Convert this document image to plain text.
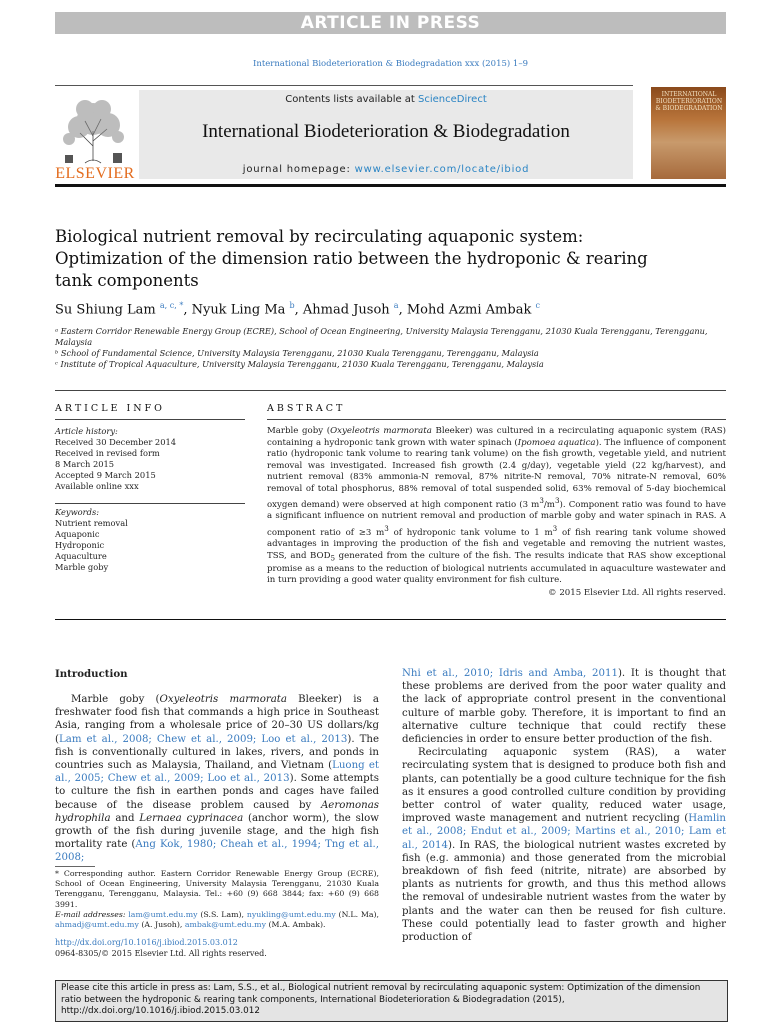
ARTICLE IN PRESS
International Biodeterioration & Biodegradation xxx (2015) 1–9
ELSEVIER
Contents lists available at ScienceDirect
International Biodeterioration & Biodegradation
journal homepage: www.elsevier.com/locate/ibiod
INTERNATIONAL BIODETERIORATION & BIODEGRADATION
Biological nutrient removal by recirculating aquaponic system: Optimization of the dimension ratio between the hydroponic & rearing tank components
Su Shiung Lam $^{a, c, *}$, Nyuk Ling Ma $^b$, Ahmad Jusoh $^a$, Mohd Azmi Ambak $^c$
ᵃ Eastern Corridor Renewable Energy Group (ECRE), School of Ocean Engineering, University Malaysia Terengganu, 21030 Kuala Terengganu, Terengganu, Malaysia
ᵇ School of Fundamental Science, University Malaysia Terengganu, 21030 Kuala Terengganu, Terengganu, Malaysia
ᶜ Institute of Tropical Aquaculture, University Malaysia Terengganu, 21030 Kuala Terengganu, Terengganu, Malaysia
ARTICLE INFO	ABSTRACT
Article history:
Received 30 December 2014
Received in revised form
8 March 2015
Accepted 9 March 2015
Available online xxx
Keywords:
Nutrient removal
Aquaponic
Hydroponic
Aquaculture
Marble goby
Marble goby (Oxyeleotris marmorata Bleeker) was cultured in a recirculating aquaponic system (RAS) containing a hydroponic tank grown with water spinach (Ipomoea aquatica). The influence of component ratio (hydroponic tank volume to rearing tank volume) on the fish growth, vegetable yield, and nutrient removal was investigated. Increased fish growth (2.4 g/day), vegetable yield (22 kg/harvest), and nutrient removal (83% ammonia-N removal, 87% nitrite-N removal, 70% nitrate-N removal, 60% removal of total phosphorus, 88% removal of total suspended solid, 63% removal of 5-day biochemical oxygen demand) were observed at high component ratio (3 $m^3/m^3$). Component ratio was found to have a significant influence on nutrient removal and production of marble goby and water spinach in RAS. A component ratio of ≥3 $m^3$ of hydroponic tank volume to 1 $m^3$ of fish rearing tank volume showed advantages in improving the production of the fish and vegetable and removing the nutrient wastes, TSS, and $BOD_5$ generated from the culture of the fish. The results indicate that RAS show exceptional promise as a means to the reduction of biological nutrients accumulated in aquaculture wastewater and in turn providing a good water quality environment for fish culture.
© 2015 Elsevier Ltd. All rights reserved.
Introduction

Marble goby (Oxyeleotris marmorata Bleeker) is a freshwater food fish that commands a high price in Southeast Asia, ranging from a wholesale price of 20–30 US dollars/kg (Lam et al., 2008; Chew et al., 2009; Loo et al., 2013). The fish is conventionally cultured in lakes, rivers, and ponds in countries such as Malaysia, Thailand, and Vietnam (Luong et al., 2005; Chew et al., 2009; Loo et al., 2013). Some attempts to culture the fish in earthen ponds and cages have failed because of the disease problem caused by Aeromonas hydrophila and Lernaea cyprinacea (anchor worm), the slow growth of the fish during juvenile stage, and the high fish mortality rate (Ang Kok, 1980; Cheah et al., 1994; Tng et al., 2008;

* Corresponding author. Eastern Corridor Renewable Energy Group (ECRE), School of Ocean Engineering, University Malaysia Terengganu, 21030 Kuala Terengganu, Terengganu, Malaysia. Tel.: +60 (9) 668 3844; fax: +60 (9) 668 3991.
E-mail addresses: lam@umt.edu.my (S.S. Lam), nyukling@umt.edu.my (N.L. Ma), ahmadj@umt.edu.my (A. Jusoh), ambak@umt.edu.my (M.A. Ambak).
http://dx.doi.org/10.1016/j.ibiod.2015.03.012
0964-8305/© 2015 Elsevier Ltd. All rights reserved.

Nhi et al., 2010; Idris and Amba, 2011). It is thought that these problems are derived from the poor water quality and the lack of appropriate control present in the conventional culture of marble goby. Therefore, it is important to find an alternative culture technique that could rectify these deficiencies in order to ensure better production of the fish.

Recirculating aquaponic system (RAS), a water recirculating system that is designed to produce both fish and plants, can potentially be a good culture technique for the fish as it ensures a good controlled culture condition by providing better control of water quality, reduced water usage, improved waste management and nutrient recycling (Hamlin et al., 2008; Endut et al., 2009; Martins et al., 2010; Lam et al., 2014). In RAS, the biological nutrient wastes excreted by fish (e.g. ammonia) and those generated from the microbial breakdown of fish feed (nitrite, nitrate) are absorbed by plants as nutrients for growth, and thus this method allows the removal of undesirable nutrient wastes from the water by plants and the water can then be reused for fish culture. These could potentially lead to faster growth and higher production of

Please cite this article in press as: Lam, S.S., et al., Biological nutrient removal by recirculating aquaponic system: Optimization of the dimension ratio between the hydroponic & rearing tank components, International Biodeterioration & Biodegradation (2015), http://dx.doi.org/10.1016/j.ibiod.2015.03.012
